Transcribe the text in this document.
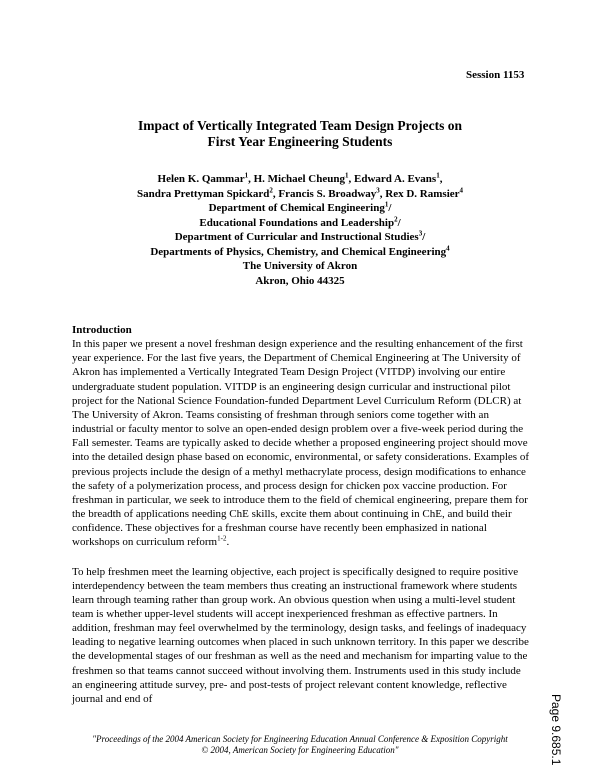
Session 1153
Impact of Vertically Integrated Team Design Projects on
First Year Engineering Students
Helen K. Qammar$^1$, H. Michael Cheung$^1$, Edward A. Evans$^1$,
Sandra Prettyman Spickard$^2$, Francis S. Broadway$^3$, Rex D. Ramsier$^4$
Department of Chemical Engineering$^1$/
Educational Foundations and Leadership$^2$/
Department of Curricular and Instructional Studies$^3$/
Departments of Physics, Chemistry, and Chemical Engineering$^4$
The University of Akron
Akron, Ohio 44325
Introduction

In this paper we present a novel freshman design experience and the resulting enhancement of the first year experience. For the last five years, the Department of Chemical Engineering at The University of Akron has implemented a Vertically Integrated Team Design Project (VITDP) involving our entire undergraduate student population. VITDP is an engineering design curricular and instructional pilot project for the National Science Foundation-funded Department Level Curriculum Reform (DLCR) at The University of Akron. Teams consisting of freshman through seniors come together with an industrial or faculty mentor to solve an open-ended design problem over a five-week period during the Fall semester. Teams are typically asked to decide whether a proposed engineering project should move into the detailed design phase based on economic, environmental, or safety considerations. Examples of previous projects include the design of a methyl methacrylate process, design modifications to enhance the safety of a polymerization process, and process design for chicken pox vaccine production. For freshman in particular, we seek to introduce them to the field of chemical engineering, prepare them for the breadth of applications needing ChE skills, excite them about continuing in ChE, and build their confidence. These objectives for a freshman course have recently been emphasized in national workshops on curriculum reform$^{1-2}$.

To help freshmen meet the learning objective, each project is specifically designed to require positive interdependency between the team members thus creating an instructional framework where students learn through teaming rather than group work. An obvious question when using a multi-level student team is whether upper-level students will accept inexperienced freshman as effective partners. In addition, freshman may feel overwhelmed by the terminology, design tasks, and feelings of inadequacy leading to negative learning outcomes when placed in such unknown territory. In this paper we describe the developmental stages of our freshman as well as the need and mechanism for imparting value to the freshmen so that teams cannot succeed without involving them. Instruments used in this study include an engineering attitude survey, pre- and post-tests of project relevant content knowledge, reflective journal and end of

"Proceedings of the 2004 American Society for Engineering Education Annual Conference & Exposition Copyright
© 2004, American Society for Engineering Education"	Page 9.685.1
